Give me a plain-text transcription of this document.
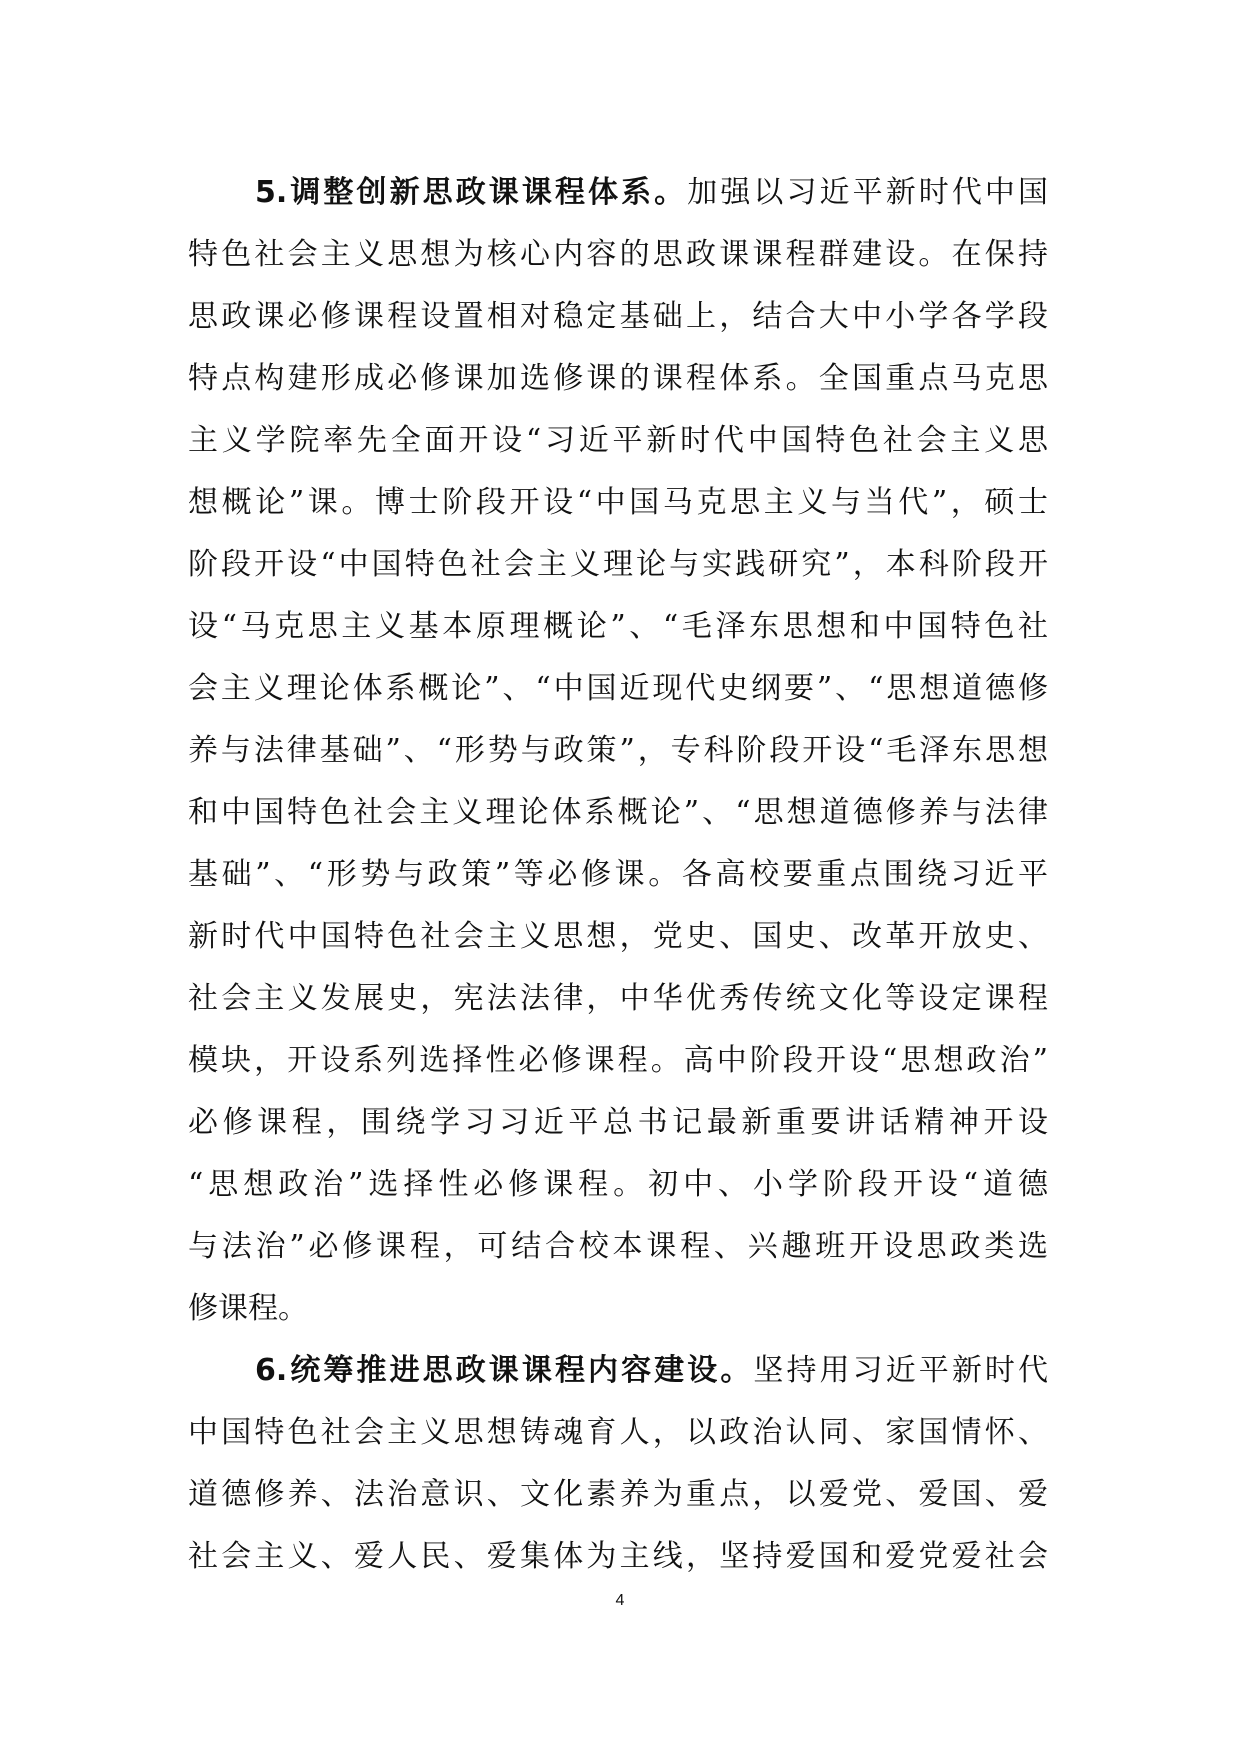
5.调整创新思政课课程体系。加强以习近平新时代中国
特色社会主义思想为核心内容的思政课课程群建设。在保持
思政课必修课程设置相对稳定基础上，结合大中小学各学段
特点构建形成必修课加选修课的课程体系。全国重点马克思
主义学院率先全面开设“习近平新时代中国特色社会主义思
想概论”课。博士阶段开设“中国马克思主义与当代”，硕士
阶段开设“中国特色社会主义理论与实践研究”，本科阶段开
设“马克思主义基本原理概论”、“毛泽东思想和中国特色社
会主义理论体系概论”、“中国近现代史纲要”、“思想道德修
养与法律基础”、“形势与政策”，专科阶段开设“毛泽东思想
和中国特色社会主义理论体系概论”、“思想道德修养与法律
基础”、“形势与政策”等必修课。各高校要重点围绕习近平
新时代中国特色社会主义思想，党史、国史、改革开放史、
社会主义发展史，宪法法律，中华优秀传统文化等设定课程
模块，开设系列选择性必修课程。高中阶段开设“思想政治”
必修课程，围绕学习习近平总书记最新重要讲话精神开设
“思想政治”选择性必修课程。初中、小学阶段开设“道德
与法治”必修课程，可结合校本课程、兴趣班开设思政类选
修课程。
6.统筹推进思政课课程内容建设。坚持用习近平新时代
中国特色社会主义思想铸魂育人，以政治认同、家国情怀、
道德修养、法治意识、文化素养为重点，以爱党、爱国、爱
社会主义、爱人民、爱集体为主线，坚持爱国和爱党爱社会
4
